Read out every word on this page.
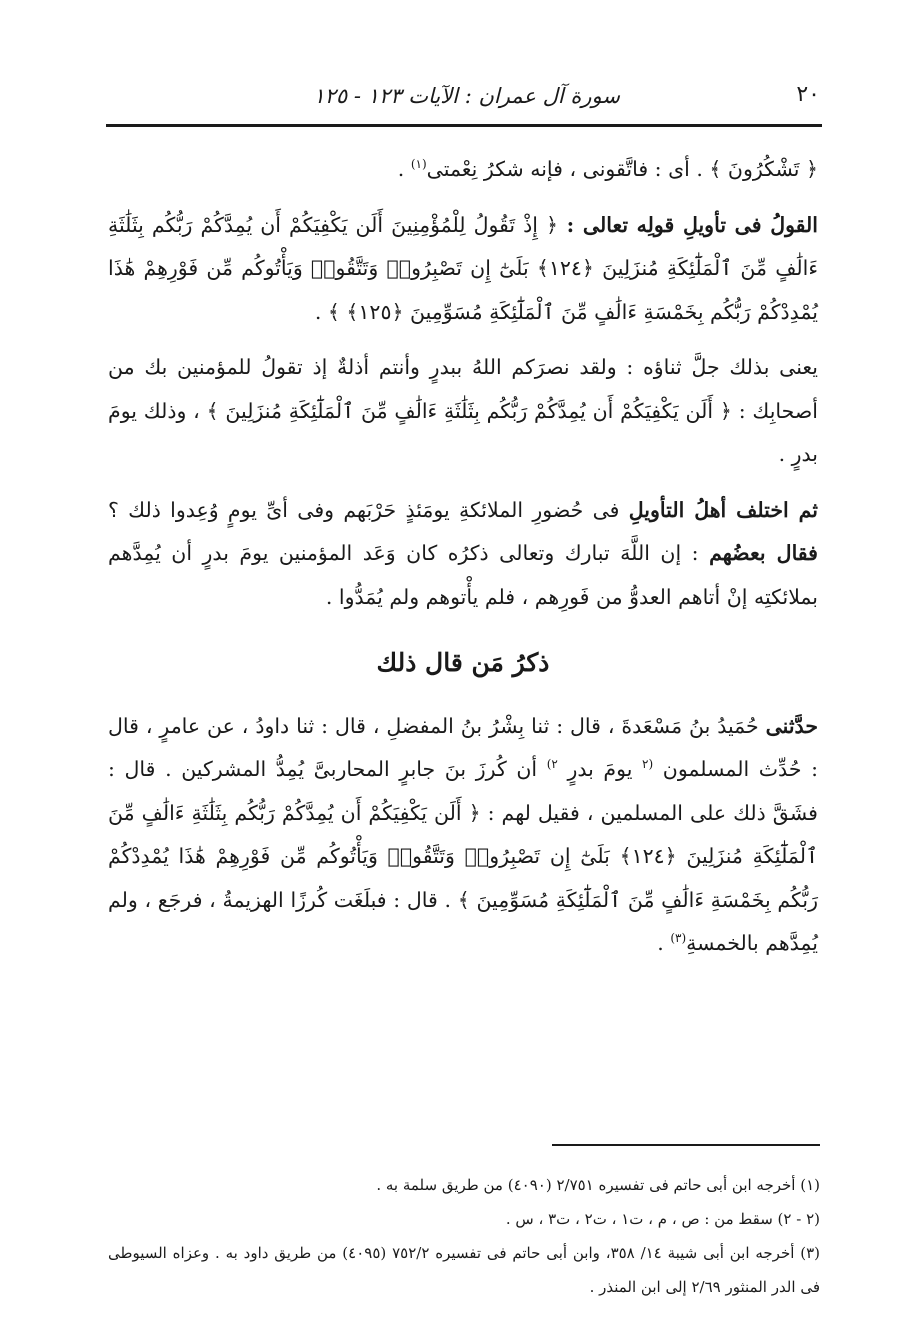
٢٠
سورة آل عمران : الآيات ١٢٣ - ١٢٥

﴿ تَشْكُرُونَ ﴾ . أى : فاتَّقونى ، فإنه شكرُ نِعْمتى$^{(١)}$ .

القولُ فى تأويلِ قولِه تعالى : ﴿ إِذْ تَقُولُ لِلْمُؤْمِنِينَ أَلَن يَكْفِيَكُمْ أَن يُمِدَّكُمْ رَبُّكُم بِثَلَٰثَةِ ءَالَٰفٍ مِّنَ ٱلْمَلَٰٓئِكَةِ مُنزَلِينَ ﴿١٢٤﴾ بَلَىٰٓ إِن تَصْبِرُوا۟ وَتَتَّقُوا۟ وَيَأْتُوكُم مِّن فَوْرِهِمْ هَٰذَا يُمْدِدْكُمْ رَبُّكُم بِخَمْسَةِ ءَالَٰفٍ مِّنَ ٱلْمَلَٰٓئِكَةِ مُسَوِّمِينَ ﴿١٢٥﴾ ﴾ .

يعنى بذلك جلَّ ثناؤه : ولقد نصرَكم اللهُ ببدرٍ وأنتم أذلةٌ إذ تقولُ للمؤمنين بك من أصحابِك : ﴿ أَلَن يَكْفِيَكُمْ أَن يُمِدَّكُمْ رَبُّكُم بِثَلَٰثَةِ ءَالَٰفٍ مِّنَ ٱلْمَلَٰٓئِكَةِ مُنزَلِينَ ﴾ ، وذلك يومَ بدرٍ .

ثم اختلف أهلُ التأويلِ فى حُضورِ الملائكةِ يومَئذٍ حَرْبَهم وفى أىِّ يومٍ وُعِدوا ذلك ؟ فقال بعضُهم : إن اللَّهَ تبارك وتعالى ذكرُه كان وَعَد المؤمنين يومَ بدرٍ أن يُمِدَّهم بملائكتِه إنْ أتاهم العدوُّ من فَورِهم ، فلم يأْتوهم ولم يُمَدُّوا .

ذكرُ مَن قال ذلك

حدَّثنى حُمَيدُ بنُ مَسْعَدةَ ، قال : ثنا بِشْرُ بنُ المفضلِ ، قال : ثنا داودُ ، عن عامرٍ ، قال : حُدِّث المسلمون $^{(٢}$ يومَ بدرٍ $^{٢)}$ أن كُرزَ بنَ جابرٍ المحاربىَّ يُمِدُّ المشركين . قال : فشَقَّ ذلك على المسلمين ، فقيل لهم : ﴿ أَلَن يَكْفِيَكُمْ أَن يُمِدَّكُمْ رَبُّكُم بِثَلَٰثَةِ ءَالَٰفٍ مِّنَ ٱلْمَلَٰٓئِكَةِ مُنزَلِينَ ﴿١٢٤﴾ بَلَىٰٓ إِن تَصْبِرُوا۟ وَتَتَّقُوا۟ وَيَأْتُوكُم مِّن فَوْرِهِمْ هَٰذَا يُمْدِدْكُمْ رَبُّكُم بِخَمْسَةِ ءَالَٰفٍ مِّنَ ٱلْمَلَٰٓئِكَةِ مُسَوِّمِينَ ﴾ . قال : فبلَغَت كُرزًا الهزيمةُ ، فرجَع ، ولم يُمِدَّهم بالخمسةِ$^{(٣)}$ .

(١) أخرجه ابن أبى حاتم فى تفسيره ٢/٧٥١ (٤٠٩٠) من طريق سلمة به .

(٢ - ٢) سقط من : ص ، م ، ت١ ، ت٢ ، ت٣ ، س .

(٣) أخرجه ابن أبى شيبة ١٤/ ٣٥٨، وابن أبى حاتم فى تفسيره ٧٥٢/٢ (٤٠٩٥) من طريق داود به . وعزاه السيوطى فى الدر المنثور ٢/٦٩ إلى ابن المنذر .
